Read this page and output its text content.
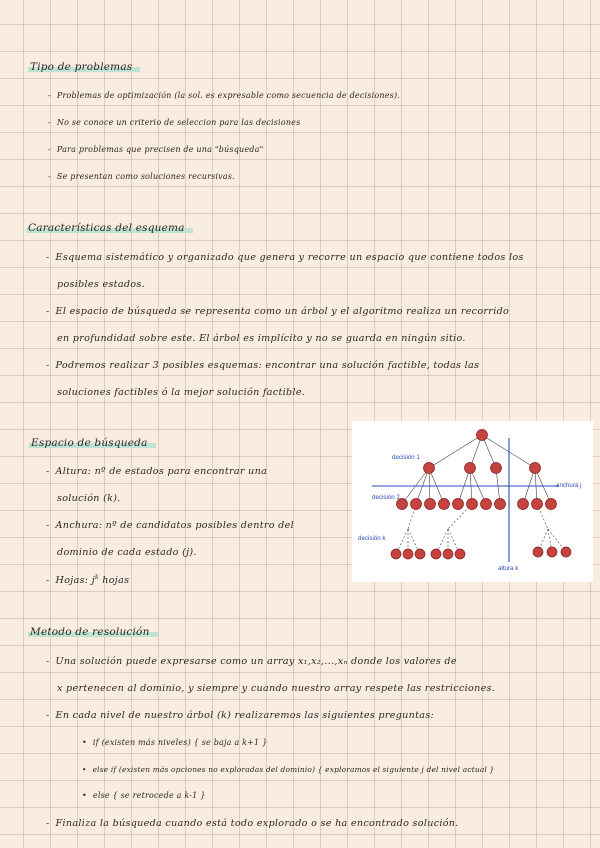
Tipo de problemas
- Problemas de optimización (la sol. es expresable como secuencia de decisiones).
- No se conoce un criterio de seleccion para las decisiones
- Para problemas que precisen de una "búsqueda"
- Se presentan como soluciones recursivas.
Características del esquema
- Esquema sistemático y organizado que genera y recorre un espacio que contiene todos los
posibles estados.
- El espacio de búsqueda se representa como un árbol y el algoritmo realiza un recorrido
en profundidad sobre este. El árbol es implícito y no se guarda en ningún sitio.
- Podremos realizar 3 posibles esquemas: encontrar una solución factible, todas las
soluciones factibles ó la mejor solución factible.
Espacio de búsqueda
- Altura: nº de estados para encontrar una
solución (k).
- Anchura: nº de candidatos posibles dentro del
dominio de cada estado (j).
- Hojas: $j^k$ hojas
decisión 1
decisión 2
decisión k
anchura j
altura k
Metodo de resolución
- Una solución puede expresarse como un array x₁,x₂,...,xₙ donde los valores de
x pertenecen al dominio, y siempre y cuando nuestro array respete las restricciones.
- En cada nivel de nuestro árbol (k) realizaremos las siguientes preguntas:
• if (existen más niveles) { se baja a k+1 }
• else if (existen más opciones no exploradas del dominio) { exploramos el siguiente j del nivel actual }
• else { se retrocede a k-1 }
- Finaliza la búsqueda cuando está todo explorado o se ha encontrado solución.
